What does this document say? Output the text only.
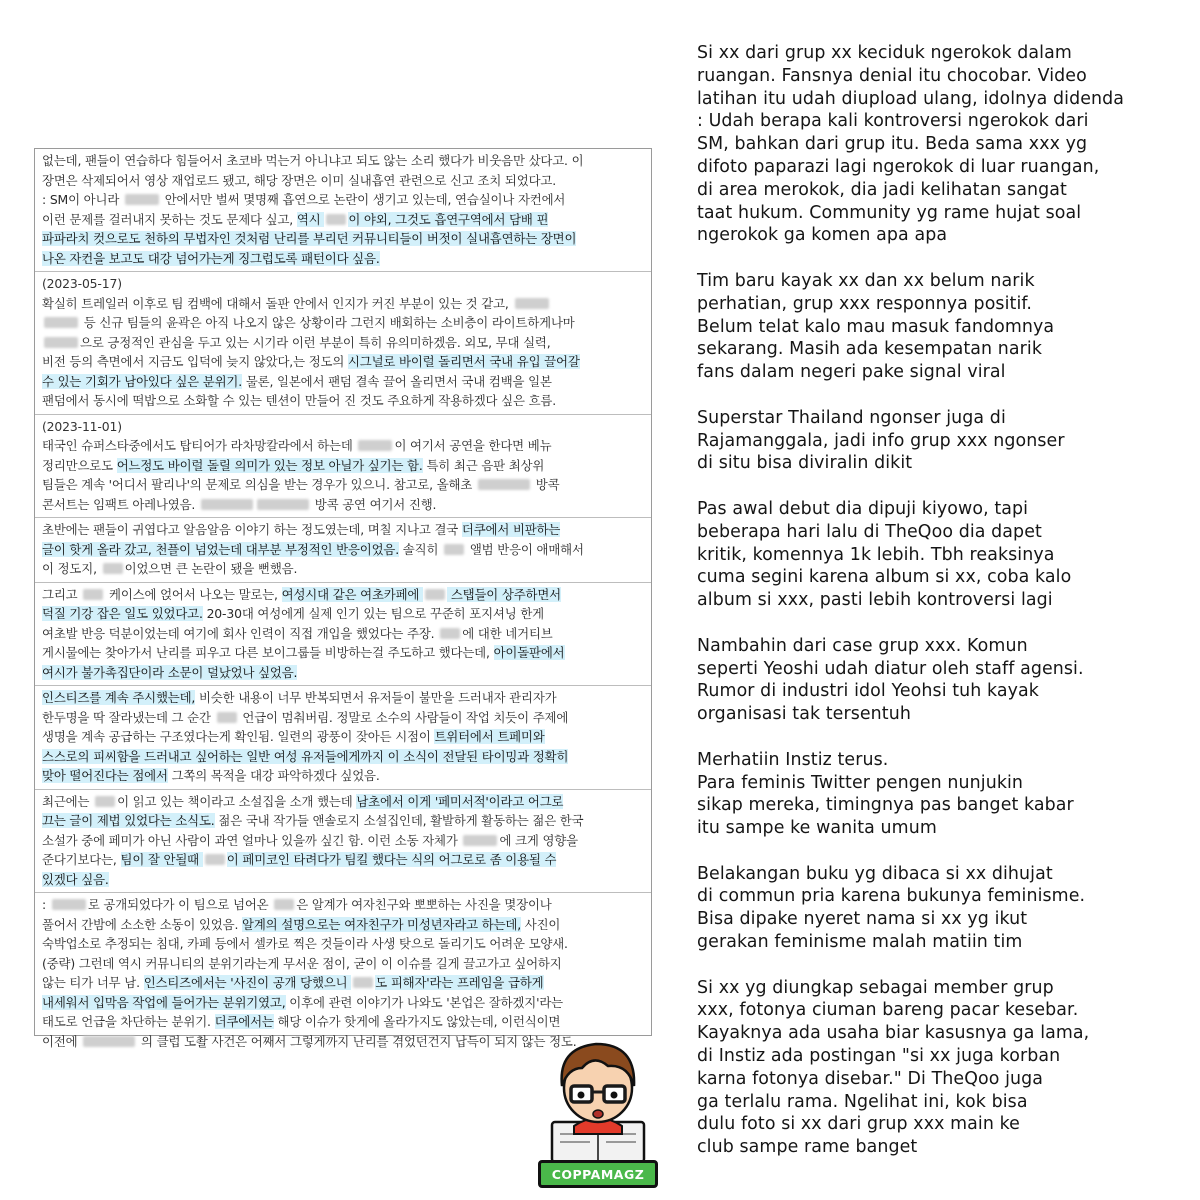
없는데, 팬들이 연습하다 힘들어서 초코바 먹는거 아니냐고 되도 않는 소리 했다가 비웃음만 샀다고. 이
장면은 삭제되어서 영상 재업로드 됐고, 해당 장면은 이미 실내흡연 관련으로 신고 조치 되었다고.
: SM이 아니라	안에서만 벌써 몇명째 흡연으로 논란이 생기고 있는데, 연습실이나 자컨에서
이런 문제를 걸러내지 못하는 것도 문제다 싶고, 역시 이 야외, 그것도 흡연구역에서 담배 핀
파파라치 컷으로도 천하의 무법자인 것처럼 난리를 부리던 커뮤니티들이 버젓이 실내흡연하는 장면이
나온 자컨을 보고도 대강 넘어가는게 징그럽도록 패턴이다 싶음.
(2023-05-17)
확실히 트레일러 이후로 팀 컴백에 대해서 돌판 안에서 인지가 커진 부분이 있는 것 같고,
등 신규 팀들의 윤곽은 아직 나오지 않은 상황이라 그런지 배회하는 소비층이 라이트하게나마
으로 긍정적인 관심을 두고 있는 시기라 이런 부분이 특히 유의미하겠음. 외모, 무대 실력,
비전 등의 측면에서 지금도 입덕에 늦지 않았다,는 정도의 시그널로 바이럴 돌리면서 국내 유입 끌어갈
수 있는 기회가 남아있다 싶은 분위기. 물론, 일본에서 팬덤 결속 끌어 올리면서 국내 컴백을 일본
팬덤에서 동시에 떡밥으로 소화할 수 있는 텐션이 만들어 진 것도 주요하게 작용하겠다 싶은 흐름.
(2023-11-01)
태국인 슈퍼스타중에서도 탑티어가 라차망칼라에서 하는데	이 여기서 공연을 한다면 베뉴
정리만으로도 어느정도 바이럴 돌릴 의미가 있는 정보 아닐가 싶기는 함. 특히 최근 음판 최상위
팀들은 계속 '어디서 팔리나'의 문제로 의심을 받는 경우가 있으니. 참고로, 올해초	방콕
콘서트는 임팩트 아레나였음.	방콕 공연 여기서 진행.
초반에는 팬들이 귀엽다고 알음알음 이야기 하는 정도였는데, 며칠 지나고 결국 더쿠에서 비판하는
글이 핫게 올라 갔고, 천플이 넘었는데 대부분 부정적인 반응이었음. 솔직히  앨범 반응이 애매해서
이 정도지, 이었으면 큰 논란이 됐을 뻔했음.
그리고  케이스에 얹어서 나오는 말로는, 여성시대 같은 여초카페에  스탭들이 상주하면서
덕질 기강 잡은 일도 있었다고. 20-30대 여성에게 실제 인기 있는 팀으로 꾸준히 포지셔닝 한게
여초발 반응 덕분이었는데 여기에 회사 인력이 직접 개입을 했었다는 주장. 에 대한 네거티브
게시물에는 찾아가서 난리를 피우고 다른 보이그룹들 비방하는걸 주도하고 했다는데, 아이돌판에서
여시가 불가촉집단이라 소문이 덜났었나 싶었음.
인스티즈를 계속 주시했는데, 비슷한 내용이 너무 반복되면서 유저들이 불만을 드러내자 관리자가
한두명을 딱 잘라냈는데 그 순간  언급이 멈춰버림. 정말로 소수의 사람들이 작업 치듯이 주제에
생명을 계속 공급하는 구조였다는게 확인됨. 일련의 광풍이 잦아든 시점이 트위터에서 트페미와
스스로의 피씨함을 드러내고 싶어하는 일반 여성 유저들에게까지 이 소식이 전달된 타이밍과 정확히
맞아 떨어진다는 점에서 그쪽의 목적을 대강 파악하겠다 싶었음.
최근에는 이 읽고 있는 책이라고 소설집을 소개 했는데 남초에서 이게 '페미서적'이라고 어그로
끄는 글이 제법 있었다는 소식도. 젊은 국내 작가들 앤솔로지 소설집인데, 활발하게 활동하는 젊은 한국
소설가 중에 페미가 아닌 사람이 과연 얼마나 있을까 싶긴 함. 이런 소동 자체가	에 크게 영향을
준다기보다는, 팀이 잘 안될때 이 페미코인 타려다가 팀킬 했다는 식의 어그로로 좀 이용될 수
있겠다 싶음.
:	로 공개되었다가 이 팀으로 넘어온 은 알계가 여자친구와 뽀뽀하는 사진을 몇장이나
풀어서 간밤에 소소한 소동이 있었음. 알계의 설명으로는 여자친구가 미성년자라고 하는데, 사진이
숙박업소로 추정되는 침대, 카페 등에서 셀카로 찍은 것들이라 사생 탓으로 돌리기도 어려운 모양새.
(중략) 그런데 역시 커뮤니티의 분위기라는게 무서운 점이, 굳이 이 이슈를 길게 끌고가고 싶어하지
않는 티가 너무 남. 인스티즈에서는 '사진이 공개 당했으니 도 피해자'라는 프레임을 급하게
내세워서 입막음 작업에 들어가는 분위기였고, 이후에 관련 이야기가 나와도 '본업은 잘하겠지'라는
태도로 언급을 차단하는 분위기. 더쿠에서는 해당 이슈가 핫게에 올라가지도 않았는데, 이런식이면
이전에	의 클럽 도촬 사건은 어째서 그렇게까지 난리를 겪었던건지 납득이 되지 않는 정도.
Si xx dari grup xx keciduk ngerokok dalam
ruangan. Fansnya denial itu chocobar. Video
latihan itu udah diupload ulang, idolnya didenda
: Udah berapa kali kontroversi ngerokok dari
SM, bahkan dari grup itu. Beda sama xxx yg
difoto paparazi lagi ngerokok di luar ruangan,
di area merokok, dia jadi kelihatan sangat
taat hukum. Community yg rame hujat soal
ngerokok ga komen apa apa
Tim baru kayak xx dan xx belum narik
perhatian, grup xxx responnya positif.
Belum telat kalo mau masuk fandomnya
sekarang. Masih ada kesempatan narik
fans dalam negeri pake signal viral
Superstar Thailand ngonser juga di
Rajamanggala, jadi info grup xxx ngonser
di situ bisa diviralin dikit
Pas awal debut dia dipuji kiyowo, tapi
beberapa hari lalu di TheQoo dia dapet
kritik, komennya 1k lebih. Tbh reaksinya
cuma segini karena album si xx, coba kalo
album si xxx, pasti lebih kontroversi lagi
Nambahin dari case grup xxx. Komun
seperti Yeoshi udah diatur oleh staff agensi.
Rumor di industri idol Yeohsi tuh kayak
organisasi tak tersentuh
Merhatiin Instiz terus.
Para feminis Twitter pengen nunjukin
sikap mereka, timingnya pas banget kabar
itu sampe ke wanita umum
Belakangan buku yg dibaca si xx dihujat
di commun pria karena bukunya feminisme.
Bisa dipake nyeret nama si xx yg ikut
gerakan feminisme malah matiin tim
Si xx yg diungkap sebagai member grup
xxx, fotonya ciuman bareng pacar kesebar.
Kayaknya ada usaha biar kasusnya ga lama,
di Instiz ada postingan "si xx juga korban
karna fotonya disebar." Di TheQoo juga
ga terlalu rama. Ngelihat ini, kok bisa
dulu foto si xx dari grup xxx main ke
club sampe rame banget
COPPAMAGZ
